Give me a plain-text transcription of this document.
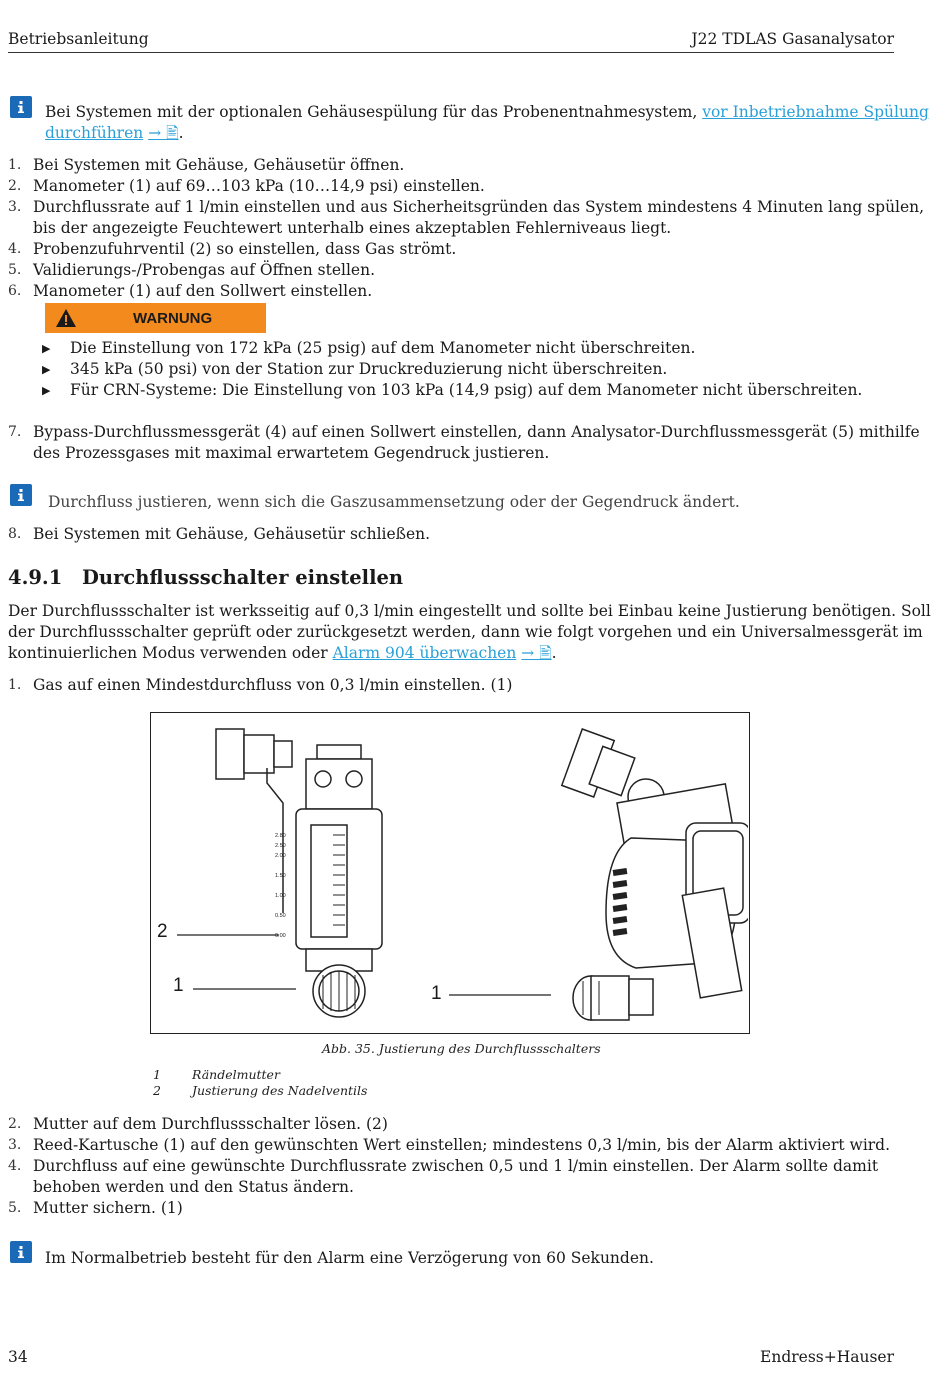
Betriebsanleitung	J22 TDLAS Gasanalysator
Bei Systemen mit der optionalen Gehäusespülung für das Probenentnahmesystem, vor Inbetriebnahme Spülung
durchführen → 🖹.
1. Bei Systemen mit Gehäuse, Gehäusetür öffnen.
2. Manometer (1) auf 69…103 kPa (10…14,9 psi) einstellen.
3. Durchflussrate auf 1 l/min einstellen und aus Sicherheitsgründen das System mindestens 4 Minuten lang spülen,
bis der angezeigte Feuchtewert unterhalb eines akzeptablen Fehlerniveaus liegt.
4. Probenzufuhrventil (2) so einstellen, dass Gas strömt.
5. Validierungs-/Probengas auf Öffnen stellen.
6. Manometer (1) auf den Sollwert einstellen.
WARNUNG
▶ Die Einstellung von 172 kPa (25 psig) auf dem Manometer nicht überschreiten.
▶ 345 kPa (50 psi) von der Station zur Druckreduzierung nicht überschreiten.
▶ Für CRN-Systeme: Die Einstellung von 103 kPa (14,9 psig) auf dem Manometer nicht überschreiten.
7. Bypass-Durchflussmessgerät (4) auf einen Sollwert einstellen, dann Analysator-Durchflussmessgerät (5) mithilfe
des Prozessgases mit maximal erwartetem Gegendruck justieren.
Durchfluss justieren, wenn sich die Gaszusammensetzung oder der Gegendruck ändert.
8. Bei Systemen mit Gehäuse, Gehäusetür schließen.
4.9.1 Durchflussschalter einstellen
Der Durchflussschalter ist werksseitig auf 0,3 l/min eingestellt und sollte bei Einbau keine Justierung benötigen. Soll
der Durchflussschalter geprüft oder zurückgesetzt werden, dann wie folgt vorgehen und ein Universalmessgerät im
kontinuierlichen Modus verwenden oder Alarm 904 überwachen → 🖹.
1. Gas auf einen Mindestdurchfluss von 0,3 l/min einstellen. (1)
2.80
2.50
2.00
1.50
1.00
0.50
0.00
2
1	1
Abb. 35. Justierung des Durchflussschalters
1 Rändelmutter
2 Justierung des Nadelventils
2. Mutter auf dem Durchflussschalter lösen. (2)
3. Reed-Kartusche (1) auf den gewünschten Wert einstellen; mindestens 0,3 l/min, bis der Alarm aktiviert wird.
4. Durchfluss auf eine gewünschte Durchflussrate zwischen 0,5 und 1 l/min einstellen. Der Alarm sollte damit
behoben werden und den Status ändern.
5. Mutter sichern. (1)
Im Normalbetrieb besteht für den Alarm eine Verzögerung von 60 Sekunden.
34	Endress+Hauser
